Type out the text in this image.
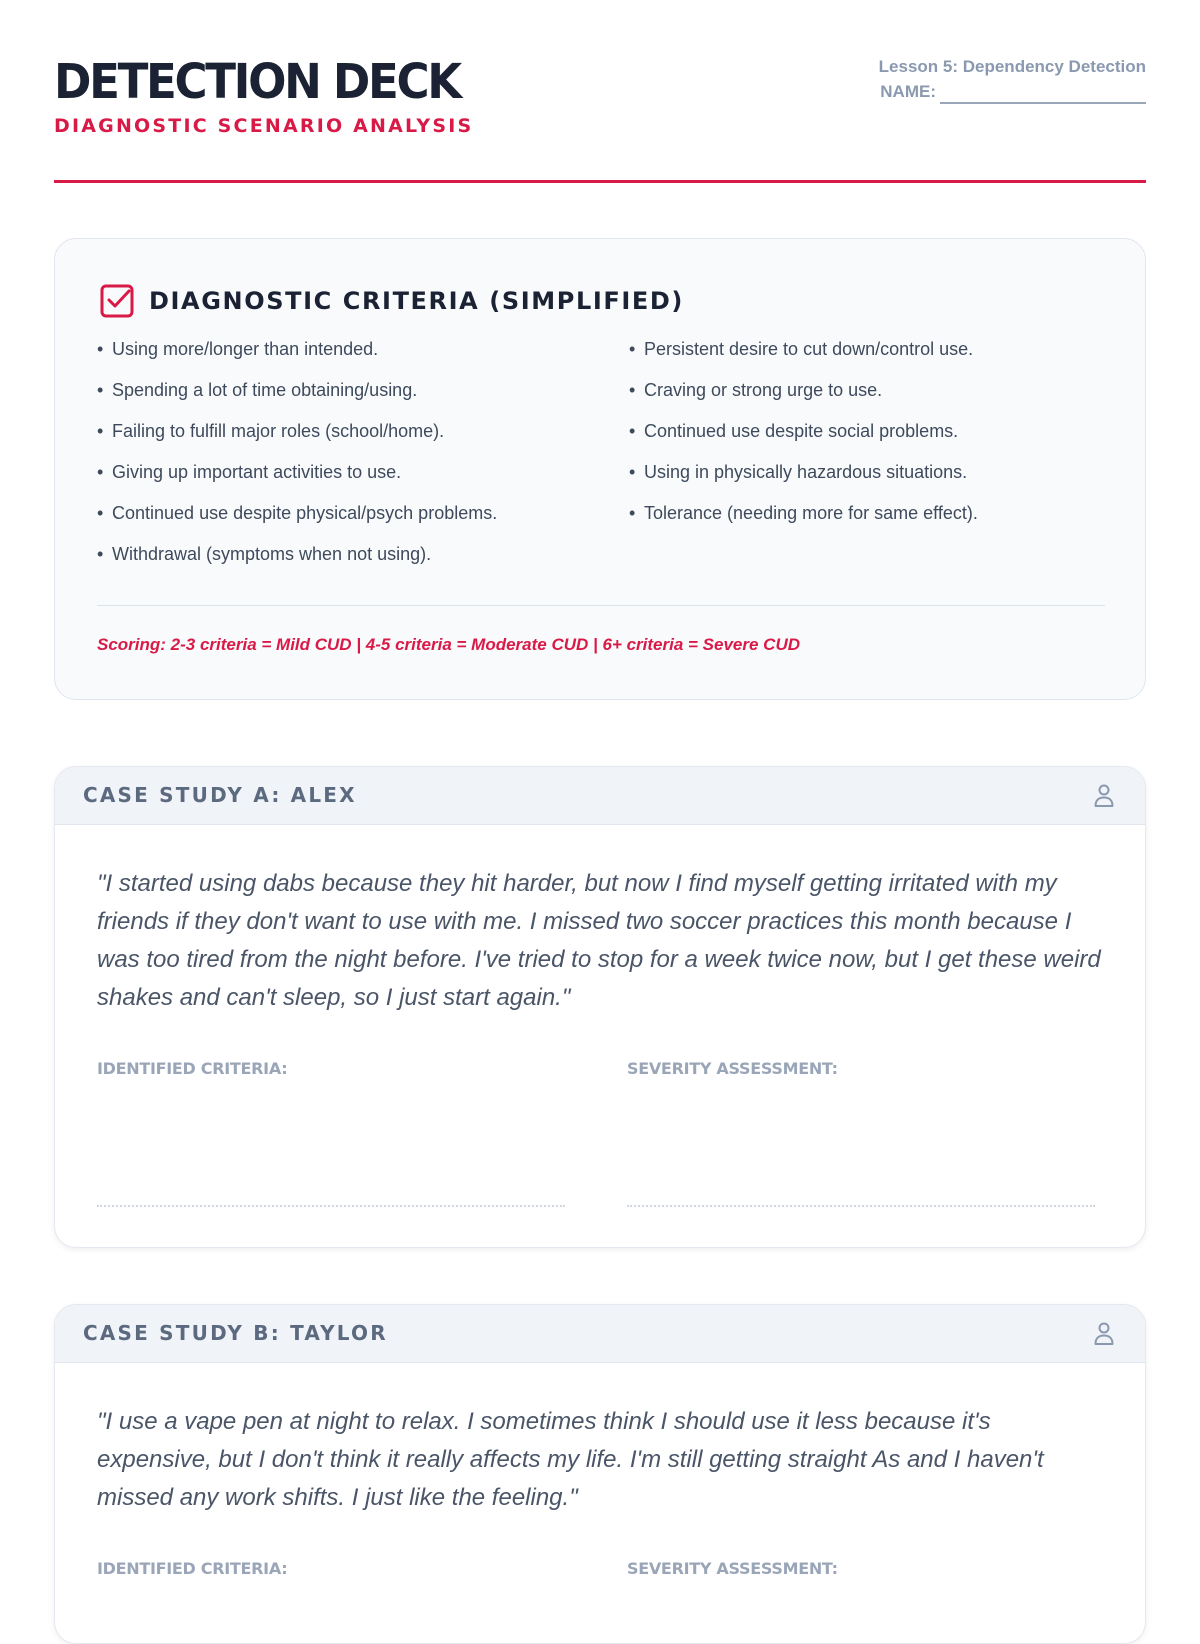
DETECTION DECK
DIAGNOSTIC SCENARIO ANALYSIS
Lesson 5: Dependency Detection
NAME:
DIAGNOSTIC CRITERIA (SIMPLIFIED)
• Using more/longer than intended.
• Spending a lot of time obtaining/using.
• Failing to fulfill major roles (school/home).
• Giving up important activities to use.
• Continued use despite physical/psych problems.
• Withdrawal (symptoms when not using).
• Persistent desire to cut down/control use.
• Craving or strong urge to use.
• Continued use despite social problems.
• Using in physically hazardous situations.
• Tolerance (needing more for same effect).
Scoring: 2-3 criteria = Mild CUD | 4-5 criteria = Moderate CUD | 6+ criteria = Severe CUD
CASE STUDY A: ALEX
"I started using dabs because they hit harder, but now I find myself getting irritated with my friends if they don't want to use with me. I missed two soccer practices this month because I was too tired from the night before. I've tried to stop for a week twice now, but I get these weird shakes and can't sleep, so I just start again."
IDENTIFIED CRITERIA:	SEVERITY ASSESSMENT:
CASE STUDY B: TAYLOR
"I use a vape pen at night to relax. I sometimes think I should use it less because it's expensive, but I don't think it really affects my life. I'm still getting straight As and I haven't missed any work shifts. I just like the feeling."
IDENTIFIED CRITERIA:	SEVERITY ASSESSMENT:
